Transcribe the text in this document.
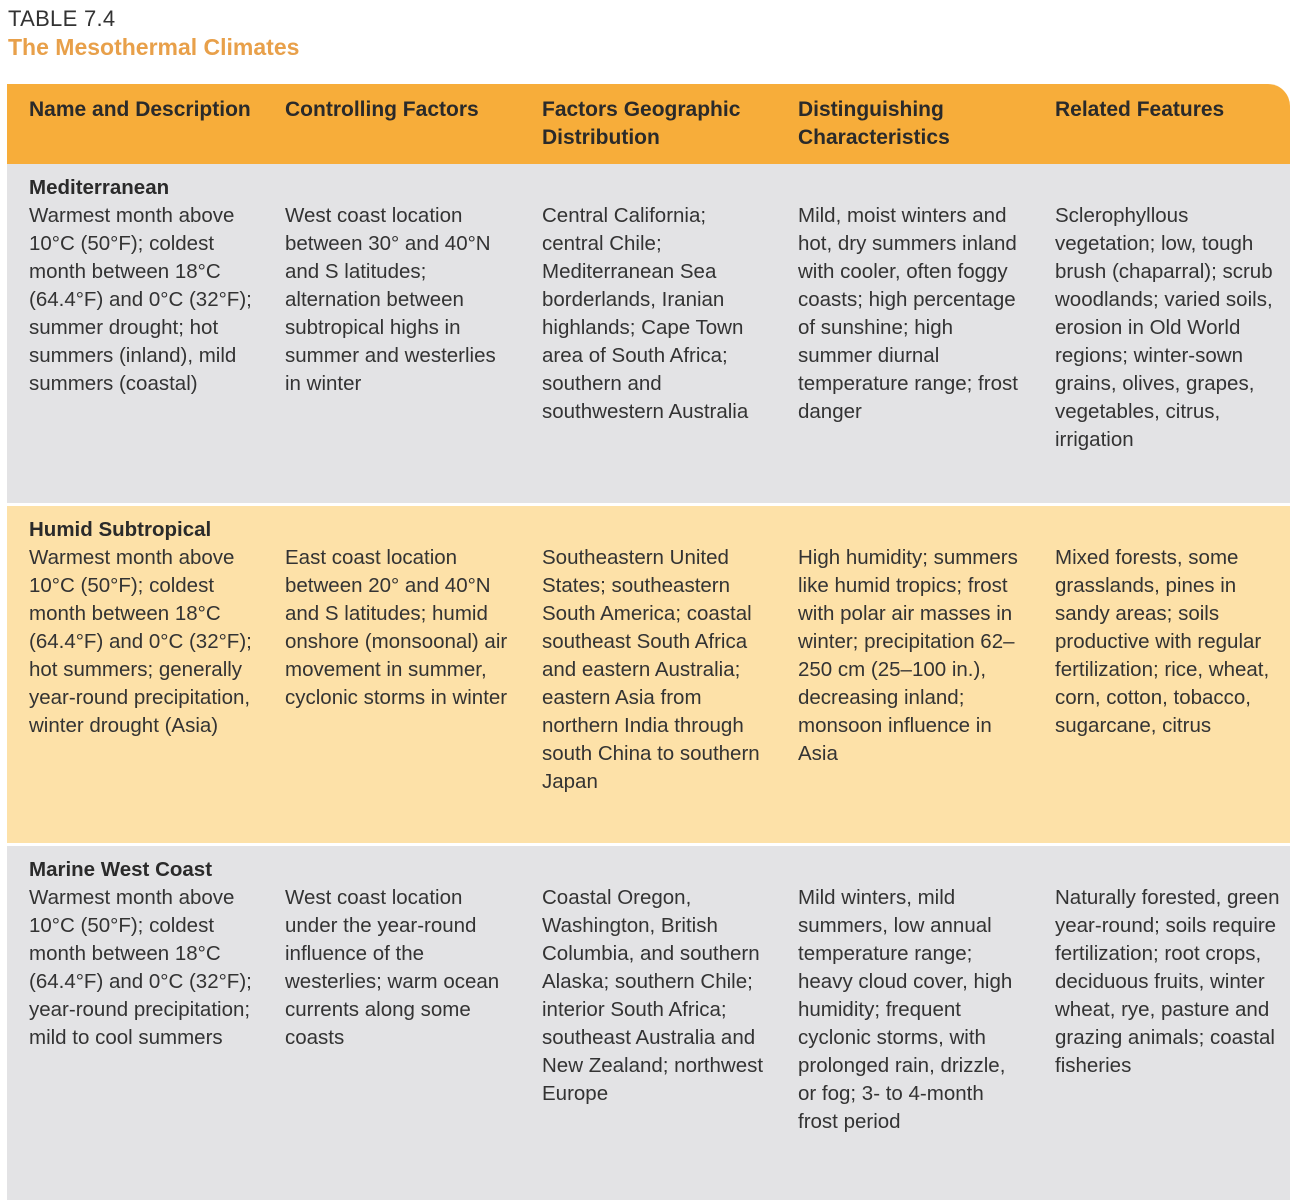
TABLE 7.4
The Mesothermal Climates
Name and Description	Controlling Factors	Factors Geographic Distribution	Distinguishing Characteristics	Related Features

Mediterranean
Warmest month above 10°C (50°F); coldest month between 18°C (64.4°F) and 0°C (32°F); summer drought; hot summers (inland), mild summers (coastal)	West coast location between 30° and 40°N and S latitudes; alternation between subtropical highs in summer and westerlies in winter	Central California; central Chile; Mediterranean Sea borderlands, Iranian highlands; Cape Town area of South Africa; southern and southwestern Australia	Mild, moist winters and hot, dry summers inland with cooler, often foggy coasts; high percentage of sunshine; high summer diurnal temperature range; frost danger	Sclerophyllous vegetation; low, tough brush (chaparral); scrub woodlands; varied soils, erosion in Old World regions; winter-sown grains, olives, grapes, vegetables, citrus, irrigation

Humid Subtropical
Warmest month above 10°C (50°F); coldest month between 18°C (64.4°F) and 0°C (32°F); hot summers; generally year-round precipitation, winter drought (Asia)	East coast location between 20° and 40°N and S latitudes; humid onshore (monsoonal) air movement in summer, cyclonic storms in winter	Southeastern United States; southeastern South America; coastal southeast South Africa and eastern Australia; eastern Asia from northern India through south China to southern Japan	High humidity; summers like humid tropics; frost with polar air masses in winter; precipitation 62–250 cm (25–100 in.), decreasing inland; monsoon influence in Asia	Mixed forests, some grasslands, pines in sandy areas; soils productive with regular fertilization; rice, wheat, corn, cotton, tobacco, sugarcane, citrus

Marine West Coast
Warmest month above 10°C (50°F); coldest month between 18°C (64.4°F) and 0°C (32°F); year-round precipitation; mild to cool summers	West coast location under the year-round influence of the westerlies; warm ocean currents along some coasts	Coastal Oregon, Washington, British Columbia, and southern Alaska; southern Chile; interior South Africa; southeast Australia and New Zealand; northwest Europe	Mild winters, mild summers, low annual temperature range; heavy cloud cover, high humidity; frequent cyclonic storms, with prolonged rain, drizzle, or fog; 3- to 4-month frost period	Naturally forested, green year-round; soils require fertilization; root crops, deciduous fruits, winter wheat, rye, pasture and grazing animals; coastal fisheries
